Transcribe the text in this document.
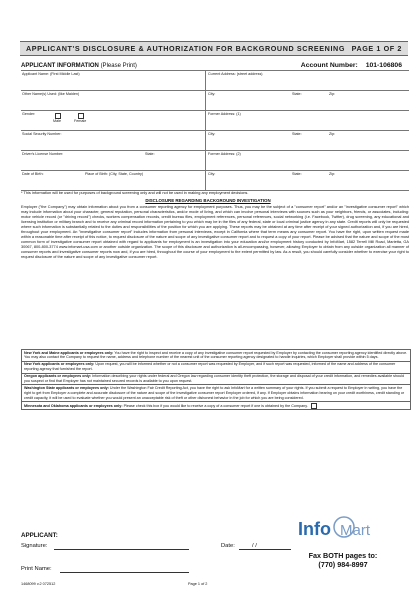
APPLICANT'S DISCLOSURE & AUTHORIZATION FOR BACKGROUND SCREENING PAGE 1 OF 2
APPLICANT INFORMATION (Please Print)	Account Number: 101-106806
Applicant Name: (First Middle Last)	Current Address: (street address)
Other Name(s) Used: (like Maiden)	City:	State:	Zip:
Gender:
Male	Female
Former Address: (1)
Social Security Number:	City:	State:	Zip:
Driver's License Number:	State:	Former Address: (2)
Date of Birth:	Place of Birth: (City, State, Country)	City:	State:	Zip:
* This information will be used for purposes of background screening only and will not be used in making any employment decisions.
DISCLOSURE REGARDING BACKGROUND INVESTIGATION
Employer ("the Company") may obtain information about you from a consumer reporting agency for employment purposes. Thus, you may be the subject of a "consumer report" and/or an "investigative consumer report" which may include information about your character, general reputation, personal characteristics, and/or mode of living, and which can involve personal interviews with sources such as your neighbors, friends, or associates, including: motor vehicle record (or "driving record") checks, workers compensation records, credit bureau files, employment references, personal references, social networking (i.e. Facebook, Twitter), drug screening, any educational and licensing institution or military branch and to receive any criminal record information pertaining to you which may be in the files of any federal, state or local criminal justice agency in any state. Credit reports will only be requested where such information is substantially related to the duties and responsibilities of the position for which you are applying. These reports may be obtained at any time after receipt of your signed authorization and, if you are hired, throughout your employment. An "investigative consumer report" includes information from personal interviews, except in California where that term means any consumer report. You have the right, upon written request made within a reasonable time after receipt of this notice, to request disclosure of the nature and scope of any investigative consumer report and to request a copy of your report. Please be advised that the nature and scope of the most common form of investigative consumer report obtained with regard to applicants for employment is an investigation into your education and/or employment history conducted by InfoMart, 1582 Terrell Mill Road, Marietta, GA 30067, 800-800-3774 www.infomart-usa.com or another outside organization. The scope of this disclosure and authorization is all-encompassing, however, allowing Employer to obtain from any outside organization all manner of consumer reports and investigative consumer reports now and, if you are hired, throughout the course of your employment to the extent permitted by law. As a result, you should carefully consider whether to exercise your right to request disclosure of the nature and scope of any investigative consumer report.
New York and Maine applicants or employees only: You have the right to inspect and receive a copy of any investigative consumer report requested by Employer by contacting the consumer reporting agency identified directly above. You may also contact the Company to request the name, address and telephone number of the nearest unit of the consumer reporting agency designated to handle inquiries, which Employer shall provide within 5 days.
New York applicants or employees only: Upon request, you will be informed whether or not a consumer report was requested by Employer, and if such report was requested, informed of the name and address of the consumer reporting agency that furnished the report.
Oregon applicants or employees only: Information describing your rights under federal and Oregon law regarding consumer identity theft protection, the storage and disposal of your credit information, and remedies available should you suspect or find that Employer has not maintained secured records is available to you upon request.
Washington State applicants or employees only: Under the Washington Fair Credit Reporting Act, you have the right to ask InfoMart for a written summary of your rights. If you submit a request to Employer in writing, you have the right to get from Employer a complete and accurate disclosure of the nature and scope of the investigative consumer report Employer ordered, if any. If Employer obtains information bearing on your credit worthiness, credit standing or credit capacity, it will be used to evaluate whether you would present an unacceptable risk of theft or other dishonest behavior in the job for which you are being considered.
Minnesota and Oklahoma applicants or employees only: Please check this box if you would like to receive a copy of a consumer report if one is obtained by the Company.
APPLICANT:
Signature:	Date:	/ /
Print Name:
Info Mart
Fax BOTH pages to:
(770) 984-8997
1468099 v.2 072512	Page 1 of 2
